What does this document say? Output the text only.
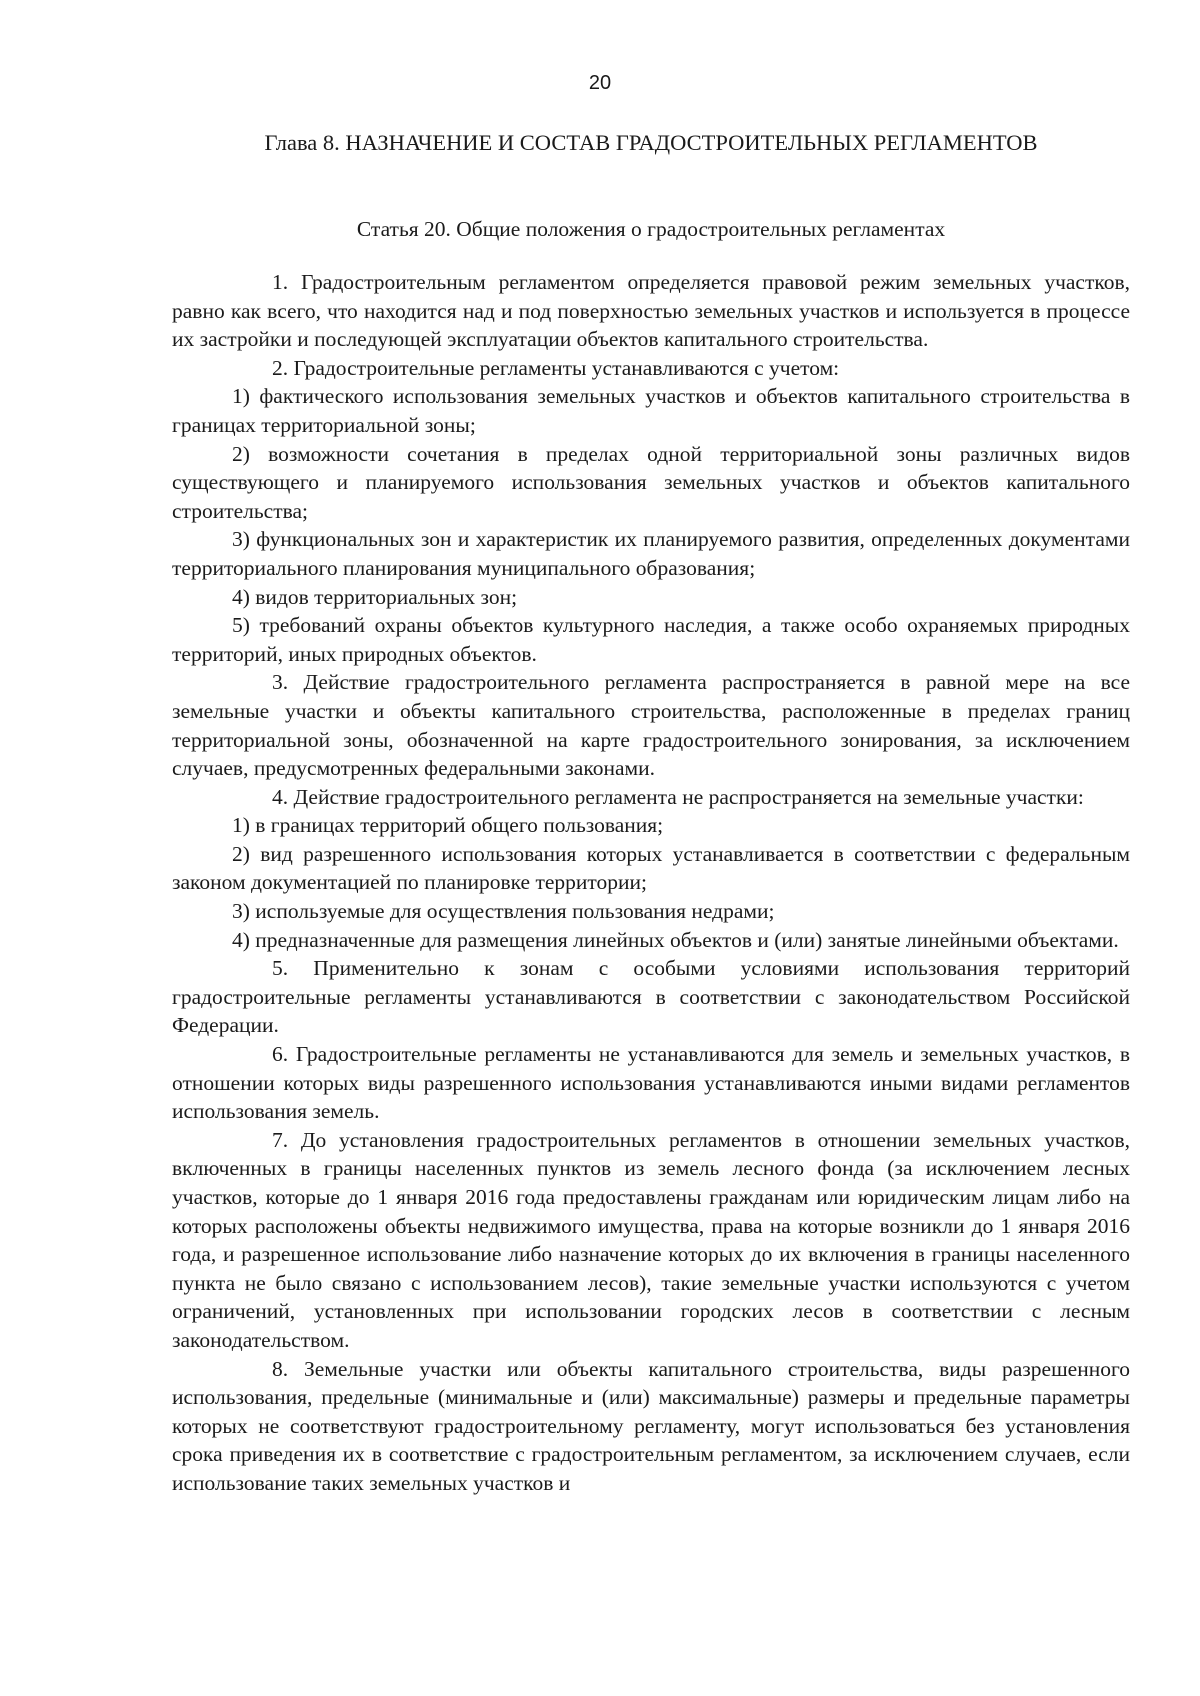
20
Глава 8. НАЗНАЧЕНИЕ И СОСТАВ ГРАДОСТРОИТЕЛЬНЫХ РЕГЛАМЕНТОВ
Статья 20. Общие положения о градостроительных регламентах

1. Градостроительным регламентом определяется правовой режим земельных участков, равно как всего, что находится над и под поверхностью земельных участков и используется в процессе их застройки и последующей эксплуатации объектов капитального строительства.

2. Градостроительные регламенты устанавливаются с учетом:

1) фактического использования земельных участков и объектов капитального строительства в границах территориальной зоны;

2) возможности сочетания в пределах одной территориальной зоны различных видов существующего и планируемого использования земельных участков и объектов капитального строительства;

3) функциональных зон и характеристик их планируемого развития, определенных документами территориального планирования муниципального образования;

4) видов территориальных зон;

5) требований охраны объектов культурного наследия, а также особо охраняемых природных территорий, иных природных объектов.

3. Действие градостроительного регламента распространяется в равной мере на все земельные участки и объекты капитального строительства, расположенные в пределах границ территориальной зоны, обозначенной на карте градостроительного зонирования, за исключением случаев, предусмотренных федеральными законами.

4. Действие градостроительного регламента не распространяется на земельные участки:

1) в границах территорий общего пользования;

2) вид разрешенного использования которых устанавливается в соответствии с федеральным законом документацией по планировке территории;

3) используемые для осуществления пользования недрами;

4) предназначенные для размещения линейных объектов и (или) занятые линейными объектами.

5. Применительно к зонам с особыми условиями использования территорий градостроительные регламенты устанавливаются в соответствии с законодательством Российской Федерации.

6. Градостроительные регламенты не устанавливаются для земель и земельных участков, в отношении которых виды разрешенного использования устанавливаются иными видами регламентов использования земель.

7. До установления градостроительных регламентов в отношении земельных участков, включенных в границы населенных пунктов из земель лесного фонда (за исключением лесных участков, которые до 1 января 2016 года предоставлены гражданам или юридическим лицам либо на которых расположены объекты недвижимого имущества, права на которые возникли до 1 января 2016 года, и разрешенное использование либо назначение которых до их включения в границы населенного пункта не было связано с использованием лесов), такие земельные участки используются с учетом ограничений, установленных при использовании городских лесов в соответствии с лесным законодательством.

8. Земельные участки или объекты капитального строительства, виды разрешенного использования, предельные (минимальные и (или) максимальные) размеры и предельные параметры которых не соответствуют градостроительному регламенту, могут использоваться без установления срока приведения их в соответствие с градостроительным регламентом, за исключением случаев, если использование таких земельных участков и
